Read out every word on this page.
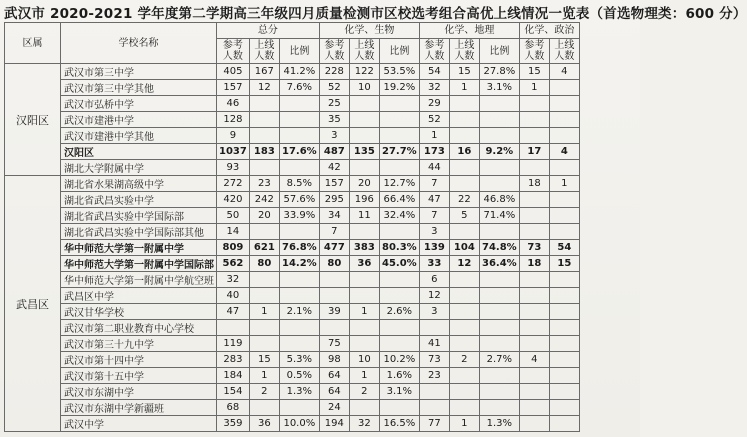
武汉市 2020-2021 学年度第二学期高三年级四月质量检测市区校选考组合高优上线情况一览表（首选物理类：600 分）
区属	学校名称	总分			化学、生物			化学、地理			化学、政治	
		参考人数	上线人数	比例	参考人数	上线人数	比例	参考人数	上线人数	比例	参考人数	上线人数
汉阳区	武汉市第三中学	405	167	41.2%	228	122	53.5%	54	15	27.8%	15	4
	武汉市第三中学其他	157	12	7.6%	52	10	19.2%	32	1	3.1%	1	
	武汉市弘桥中学	46			25			29				
	武汉市建港中学	128			35			52				
	武汉市建港中学其他	9			3			1				
	汉阳区	1037	183	17.6%	487	135	27.7%	173	16	9.2%	17	4
	湖北大学附属中学	93			42			44				
武昌区	湖北省水果湖高级中学	272	23	8.5%	157	20	12.7%	7			18	1
	湖北省武昌实验中学	420	242	57.6%	295	196	66.4%	47	22	46.8%		
	湖北省武昌实验中学国际部	50	20	33.9%	34	11	32.4%	7	5	71.4%		
	湖北省武昌实验中学国际部其他	14			7			3				
	华中师范大学第一附属中学	809	621	76.8%	477	383	80.3%	139	104	74.8%	73	54
	华中师范大学第一附属中学国际部	562	80	14.2%	80	36	45.0%	33	12	36.4%	18	15
	华中师范大学第一附属中学航空班	32						6				
	武昌区中学	40						12				
	武汉甘华学校	47	1	2.1%	39	1	2.6%	3				
	武汉市第二职业教育中心学校											
	武汉市第三十九中学	119			75			41				
	武汉市第十四中学	283	15	5.3%	98	10	10.2%	73	2	2.7%	4	
	武汉市第十五中学	184	1	0.5%	64	1	1.6%	23				
	武汉市东湖中学	154	2	1.3%	64	2	3.1%					
	武汉市东湖中学新疆班	68			24							
	武汉中学	359	36	10.0%	194	32	16.5%	77	1	1.3%		
